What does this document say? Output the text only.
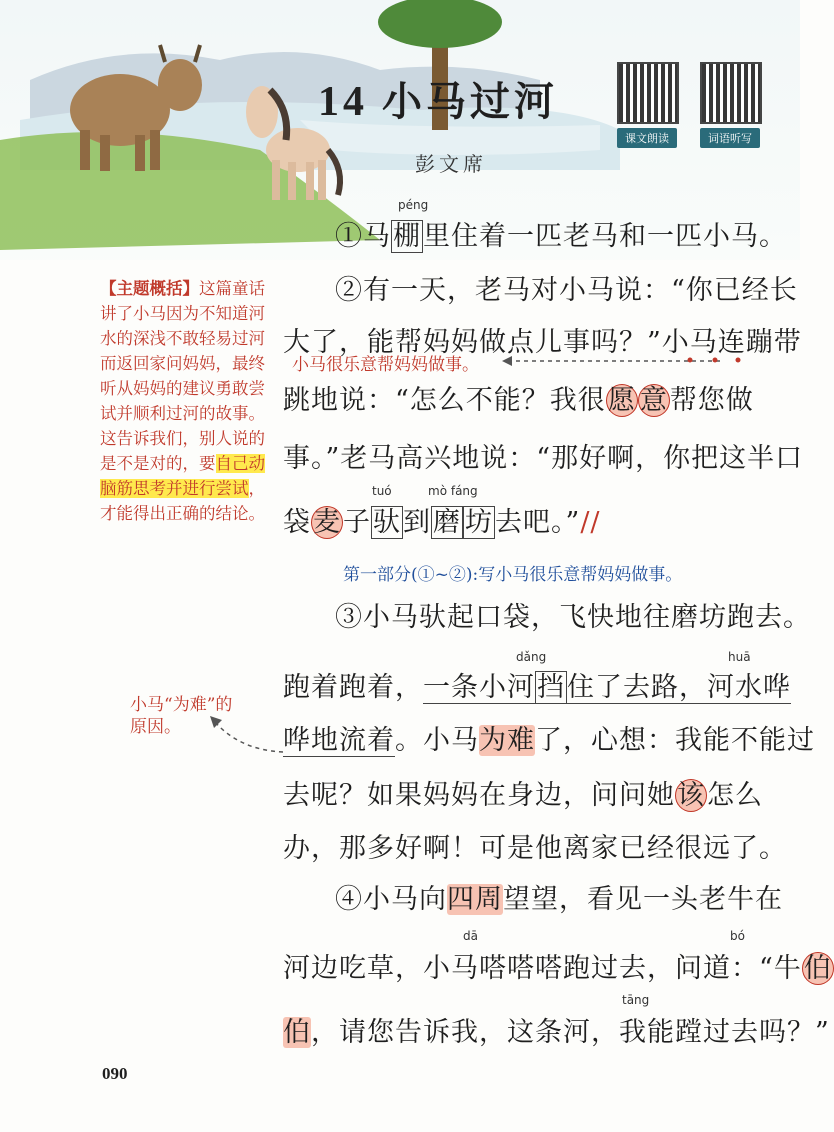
14 小马过河
彭文席
课文朗读	词语听写
【主题概括】这篇童话讲了小马因为不知道河水的深浅不敢轻易过河而返回家问妈妈，最终听从妈妈的建议勇敢尝试并顺利过河的故事。这告诉我们，别人说的是不是对的，要自己动脑筋思考并进行尝试，才能得出正确的结论。
péng
tuó	mò fáng
dǎng	huā
dā	bó
tāng
①马棚里住着一匹老马和一匹小马。
②有一天，老马对小马说：“你已经长
大了，能帮妈妈做点儿事吗？”小马连蹦带
小马很乐意帮妈妈做事。
跳地说：“怎么不能？我很愿 意帮您做
事。”老马高兴地说：“那好啊，你把这半口
袋麦子驮到磨 坊去吧。”//
第一部分(①~②):写小马很乐意帮妈妈做事。
③小马驮起口袋，飞快地往磨坊跑去。
跑着跑着，一条小河挡住了去路，河水哗
哗地流着。小马为难了，心想：我能不能过
去呢？如果妈妈在身边，问问她该怎么
办，那多好啊！可是他离家已经很远了。
小马“为难”的
原因。
④小马向四周望望，看见一头老牛在
河边吃草，小马嗒嗒嗒跑过去，问道：“牛伯
伯，请您告诉我，这条河，我能蹚过去吗？”
090
